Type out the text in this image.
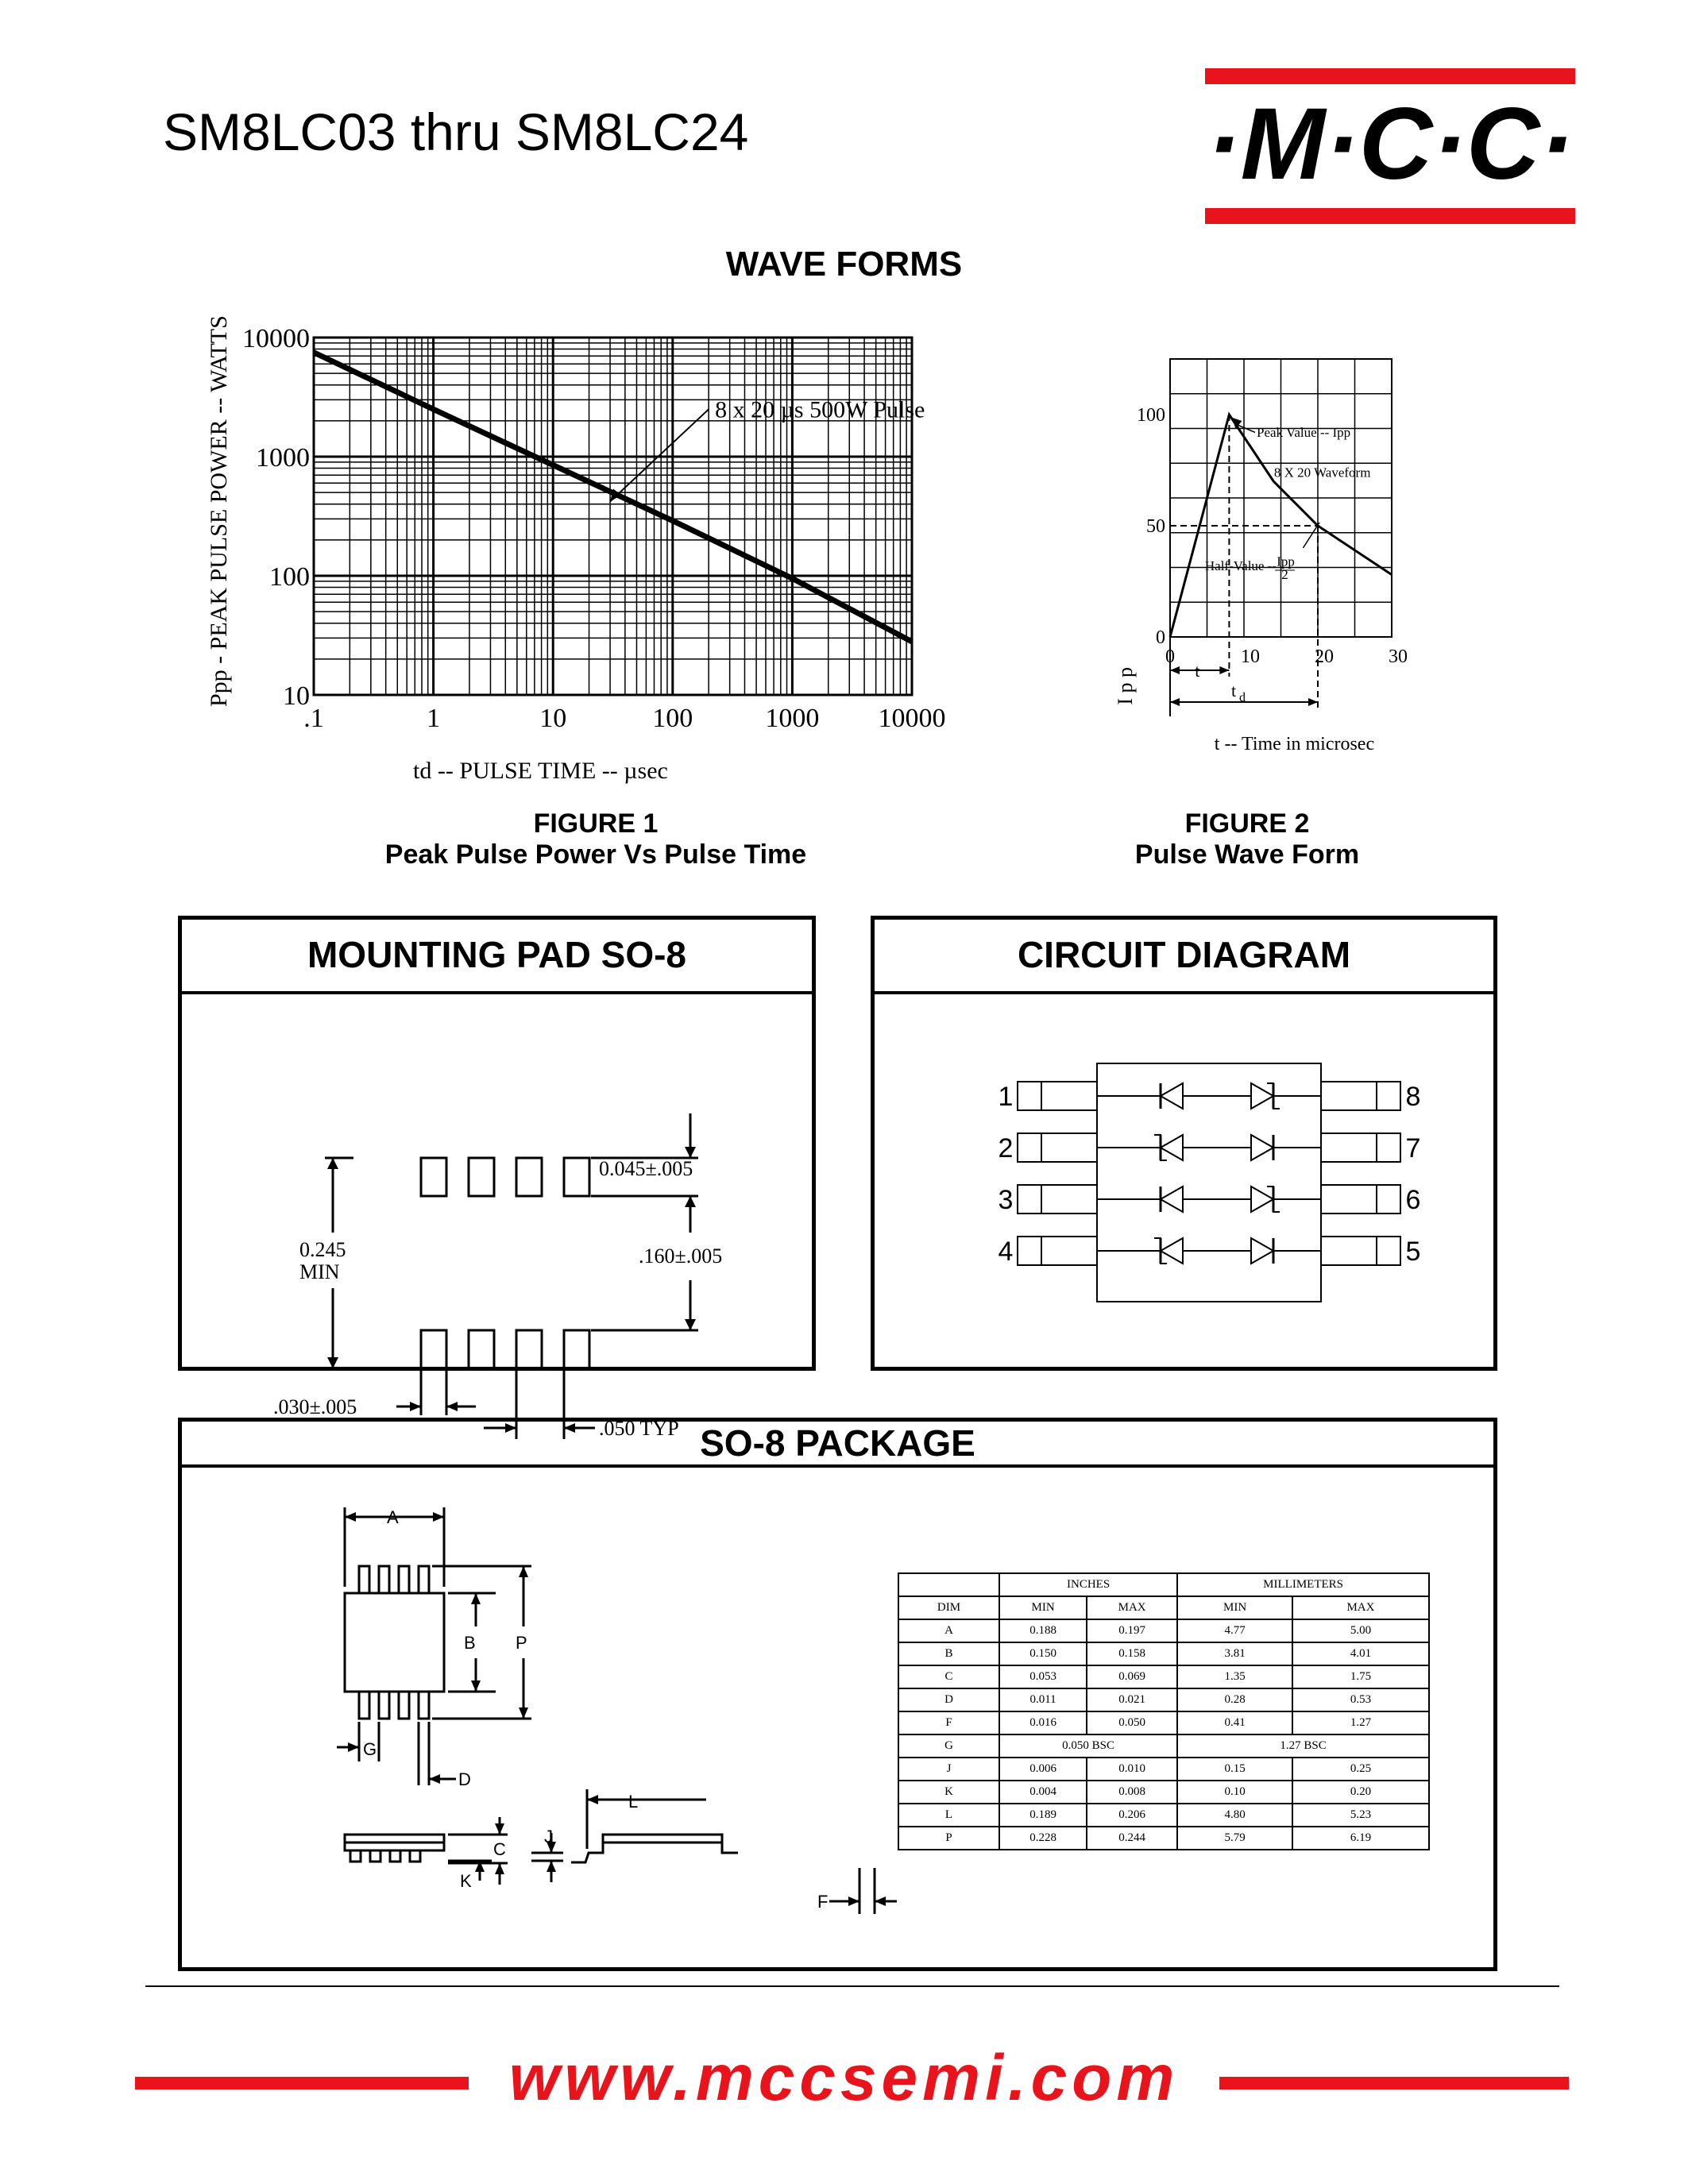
SM8LC03 thru SM8LC24	·M·C·C·
WAVE FORMS
8 x 20 µs 500W Pulse
.1	1	10	100	1000 10000
10
100
1000
10000
Ppp - PEAK PULSE POWER -- WATTS
td -- PULSE TIME -- µsec
0	10	20	30
0
50
100
Peak Value -- Ipp
8 X 20 Waveform
Half-Value -- Ipp
2
t
t d
t -- Time in microsec
I p p
FIGURE 1
Peak Pulse Power Vs Pulse Time
FIGURE 2
Pulse Wave Form
MOUNTING PAD SO-8
0.045±.005
0.245
MIN
.160±.005
.030±.005
.050 TYP
CIRCUIT DIAGRAM
1	8
2	7
3	6
4	5
SO-8 PACKAGE
A
B P
G
D
C
J
K
L
F
	INCHES		MILLIMETERS	
DIM	MIN	MAX	MIN	MAX
A	0.188	0.197	4.77	5.00
B	0.150	0.158	3.81	4.01
C	0.053	0.069	1.35	1.75
D	0.011	0.021	0.28	0.53
F	0.016	0.050	0.41	1.27
G	0.050 BSC		1.27 BSC	
J	0.006	0.010	0.15	0.25
K	0.004	0.008	0.10	0.20
L	0.189	0.206	4.80	5.23
P	0.228	0.244	5.79	6.19
www.mccsemi.com
